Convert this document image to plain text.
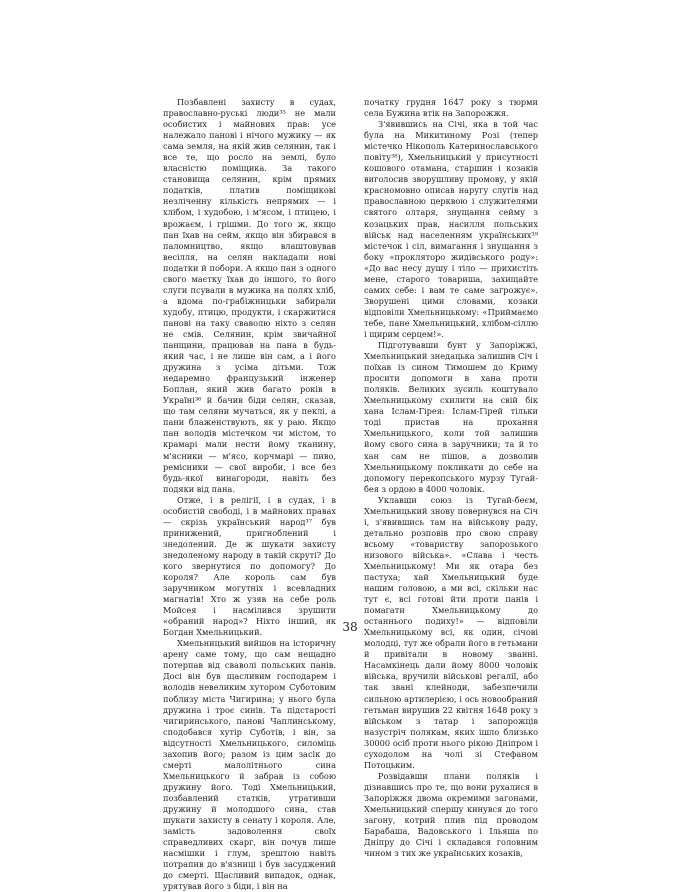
Позбавлені захисту в судах, православно-руські люди³⁵ не мали особистих і майнових прав: усе належало панові і нічого мужику — як сама земля, на якій жив селянин, так і все те, що росло на землі, було власністю поміщика. За такого становища селянин, крім прямих податків, платив поміщикові незліченну кількість непрямих — і хлібом, і худобою, і м'ясом, і птицею, і врожаєм, і грішми. До того ж, якщо пан їхав на сейм, якщо він збирався в паломництво, якщо влаштовував весілля, на селян накладали нові податки й побори. А якщо пан з одного свого маєтку їхав до іншого, то його слуги псували в мужика на полях хліб, а вдома по-грабіжницьки забирали худобу, птицю, продукти, і скаржитися панові на таку сваволю ніхто з селян не смів. Селянин, крім звичайної панщини, працював на пана в будь-який час, і не лише він сам, а і його дружина з усіма дітьми. Тож недаремно французький інженер Боплан, який жив багато років в Україні³⁶ й бачив біди селян, сказав, що там селяни мучаться, як у пеклі, а пани блаженствують, як у раю. Якщо пан володів містечком чи містом, то крамарі мали нести йому тканину, м'ясники — м'ясо, корчмарі — пиво, ремісники — свої вироби, і все без будь-якої винагороди, навіть без подяки від пана.

Отже, і в релігії, і в судах, і в особистій свободі, і в майнових правах — скрізь український народ³⁷ був принижений, пригноблений і знедолений. Де ж шукати захисту знедоленому народу в такій скруті? До кого звернутися по допомогу? До короля? Але король сам був заручником могутніх і всевладних магнатів! Хто ж узяв на себе роль Мойсея і насмілився зрушити «обраний народ»? Ніхто інший, як Богдан Хмельницький.

Хмельницький вийшов на історичну арену саме тому, що сам нещадно потерпав від сваволі польських панів. Досі він був щасливим господарем і володів невеликим хутором Суботовим поблизу міста Чигирина; у нього була дружина і троє синів. Та підстарості чигиринського, панові Чаплинському, сподобався хутір Суботів, і він, за відсутності Хмельницького, силоміць захопив його; разом із цим засік до смерті малолітнього сина Хмельницького й забрав із собою дружину його. Тоді Хмельницький, позбавлений статків, утративши дружину й молодшого сина, став шукати захисту в сенату і короля. Але, замість задоволення своїх справедливих скарг, він почув лише насмішки і глум, зрештою навіть потрапив до в'язниці і був засуджений до смерті. Щасливий випадок, однак, урятував його з біди, і він на

початку грудня 1647 року з тюрми села Бужина втік на Запорожжя.

З'явившись на Січі, яка в той час була на Микитиному Розі (тепер містечко Нікополь Катеринославського повіту³⁸), Хмельницький у присутності кошового отамана, старшин і козаків виголосив зворушливу промову, у якій красномовно описав наругу слугів над православною церквою і служителями святого олтаря, знущання сейму з козацьких прав, насилля польських військ над населенням українських³⁹ містечок і сіл, вимагання і знущання з боку «прокляторо жидівського роду»: «До вас несу душу і тіло — прихистіть мене, старого товариша, захищайте самих себе: і вам те саме загрожує». Зворушені цими словами, козаки відповіли Хмельницькому: «Приймаємо тебе, пане Хмельницький, хлібом-сіллю і щирим серцем!».

Підготувавши бунт у Запоріжжі, Хмельницький знедацька залишив Січ і поїхав із сином Тимошем до Криму просити допомоги в хана проти поляків. Великих зусиль коштувало Хмельницькому схилити на свій бік хана Іслам-Гірея: Іслам-Гірей тільки тоді пристав на прохання Хмельницького, коли той залишив йому свого сина в заручники; та й то хан сам не пішов, а дозволив Хмельницькому покликати до себе на допомогу перекопського мурзу Тугай-бея з ордою в 4000 чоловік.

Уклавши союз із Тугай-беєм, Хмельницький знову повернувся на Січ і, з'явившись там на військову раду, детально розповів про свою справу всьому «товариству запорозького низового війська». «Слава і честь Хмельницькому! Ми як отара без пастуха; хай Хмельницький буде нашим головою, а ми всі, скільки нас тут є, всі готові йти проти панів і помагати Хмельницькому до останнього подиху!» — відповіли Хмельницькому всі, як один, січові молодці, тут же обрали його в гетьмани й привітали в новому званні. Насамкінець дали йому 8000 чоловік війська, вручили військові регалії, або так звані клейноди, забезпечили сильною артилерією, і ось новообраний гетьман вирушив 22 квітня 1648 року з військом з татар і запорожців назустріч полякам, яких ішло близько 30000 осіб проти нього рікою Дніпром і суходолом на чолі зі Стефаном Потоцьким.

Розвідавши плани поляків і дізнавшись про те, що вони рухалися в Запоріжжя двома окремими загонами, Хмельницький спершу кинувся до того загону, котрий плив під проводом Барабаша, Вадовського і Ільяша по Дніпру до Січі і складався головним чином з тих же українських козаків,

38
